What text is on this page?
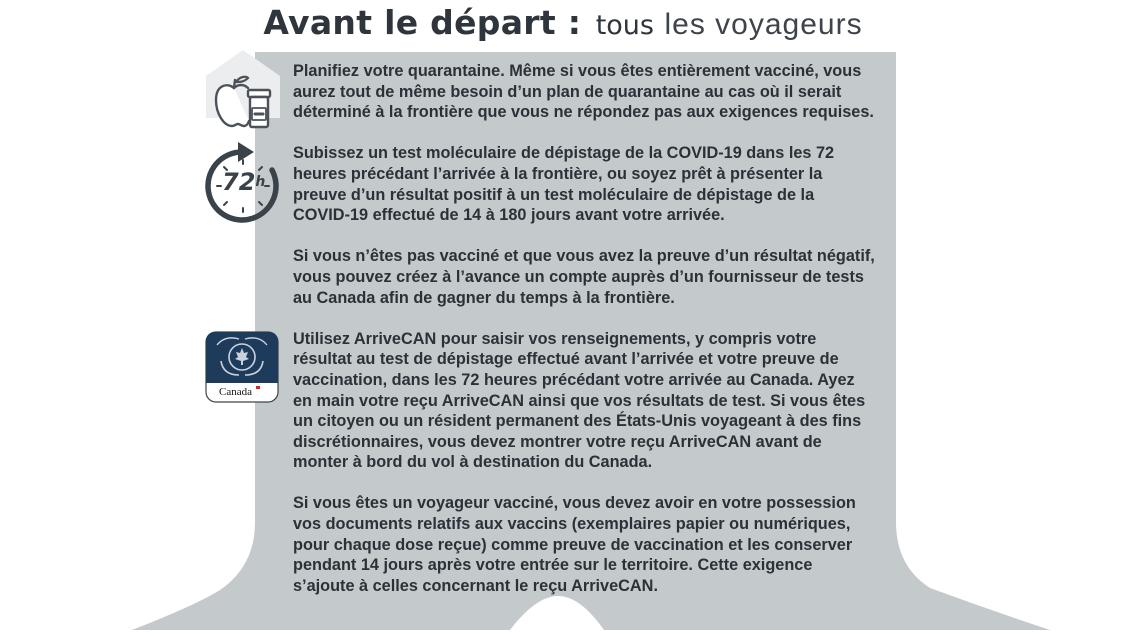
72$^h$
Canada
Avant le départ : tous les voyageurs

Planifiez votre quarantaine. Même si vous êtes entièrement vacciné, vous
aurez tout de même besoin d’un plan de quarantaine au cas où il serait
déterminé à la frontière que vous ne répondez pas aux exigences requises.

Subissez un test moléculaire de dépistage de la COVID-19 dans les 72
heures précédant l’arrivée à la frontière, ou soyez prêt à présenter la
preuve d’un résultat positif à un test moléculaire de dépistage de la
COVID-19 effectué de 14 à 180 jours avant votre arrivée.

Si vous n’êtes pas vacciné et que vous avez la preuve d’un résultat négatif,
vous pouvez créez à l’avance un compte auprès d’un fournisseur de tests
au Canada afin de gagner du temps à la frontière.

Utilisez ArriveCAN pour saisir vos renseignements, y compris votre
résultat au test de dépistage effectué avant l’arrivée et votre preuve de
vaccination, dans les 72 heures précédant votre arrivée au Canada. Ayez
en main votre reçu ArriveCAN ainsi que vos résultats de test. Si vous êtes
un citoyen ou un résident permanent des États-Unis voyageant à des fins
discrétionnaires, vous devez montrer votre reçu ArriveCAN avant de
monter à bord du vol à destination du Canada.

Si vous êtes un voyageur vacciné, vous devez avoir en votre possession
vos documents relatifs aux vaccins (exemplaires papier ou numériques,
pour chaque dose reçue) comme preuve de vaccination et les conserver
pendant 14 jours après votre entrée sur le territoire. Cette exigence
s’ajoute à celles concernant le reçu ArriveCAN.
